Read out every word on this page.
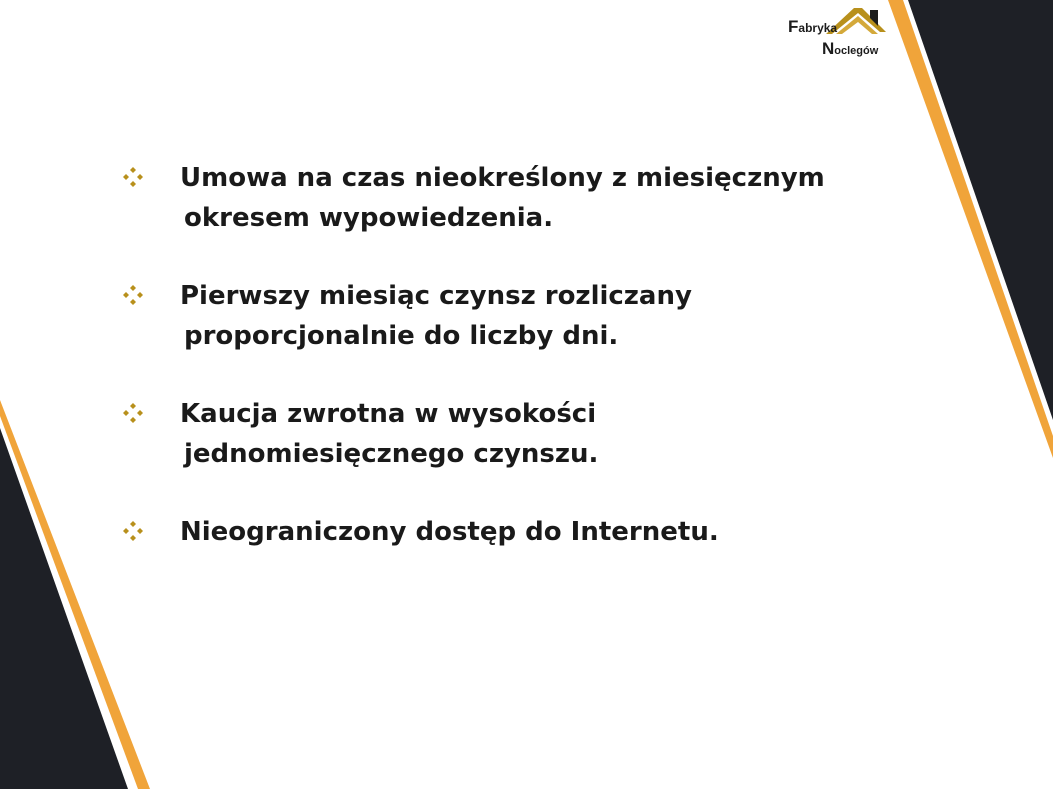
Fabryka
Noclegów
Umowa na czas nieokreślony z miesięcznym
okresem wypowiedzenia.
Pierwszy miesiąc czynsz rozliczany
proporcjonalnie do liczby dni.
Kaucja zwrotna w wysokości
jednomiesięcznego czynszu.
Nieograniczony dostęp do Internetu.
